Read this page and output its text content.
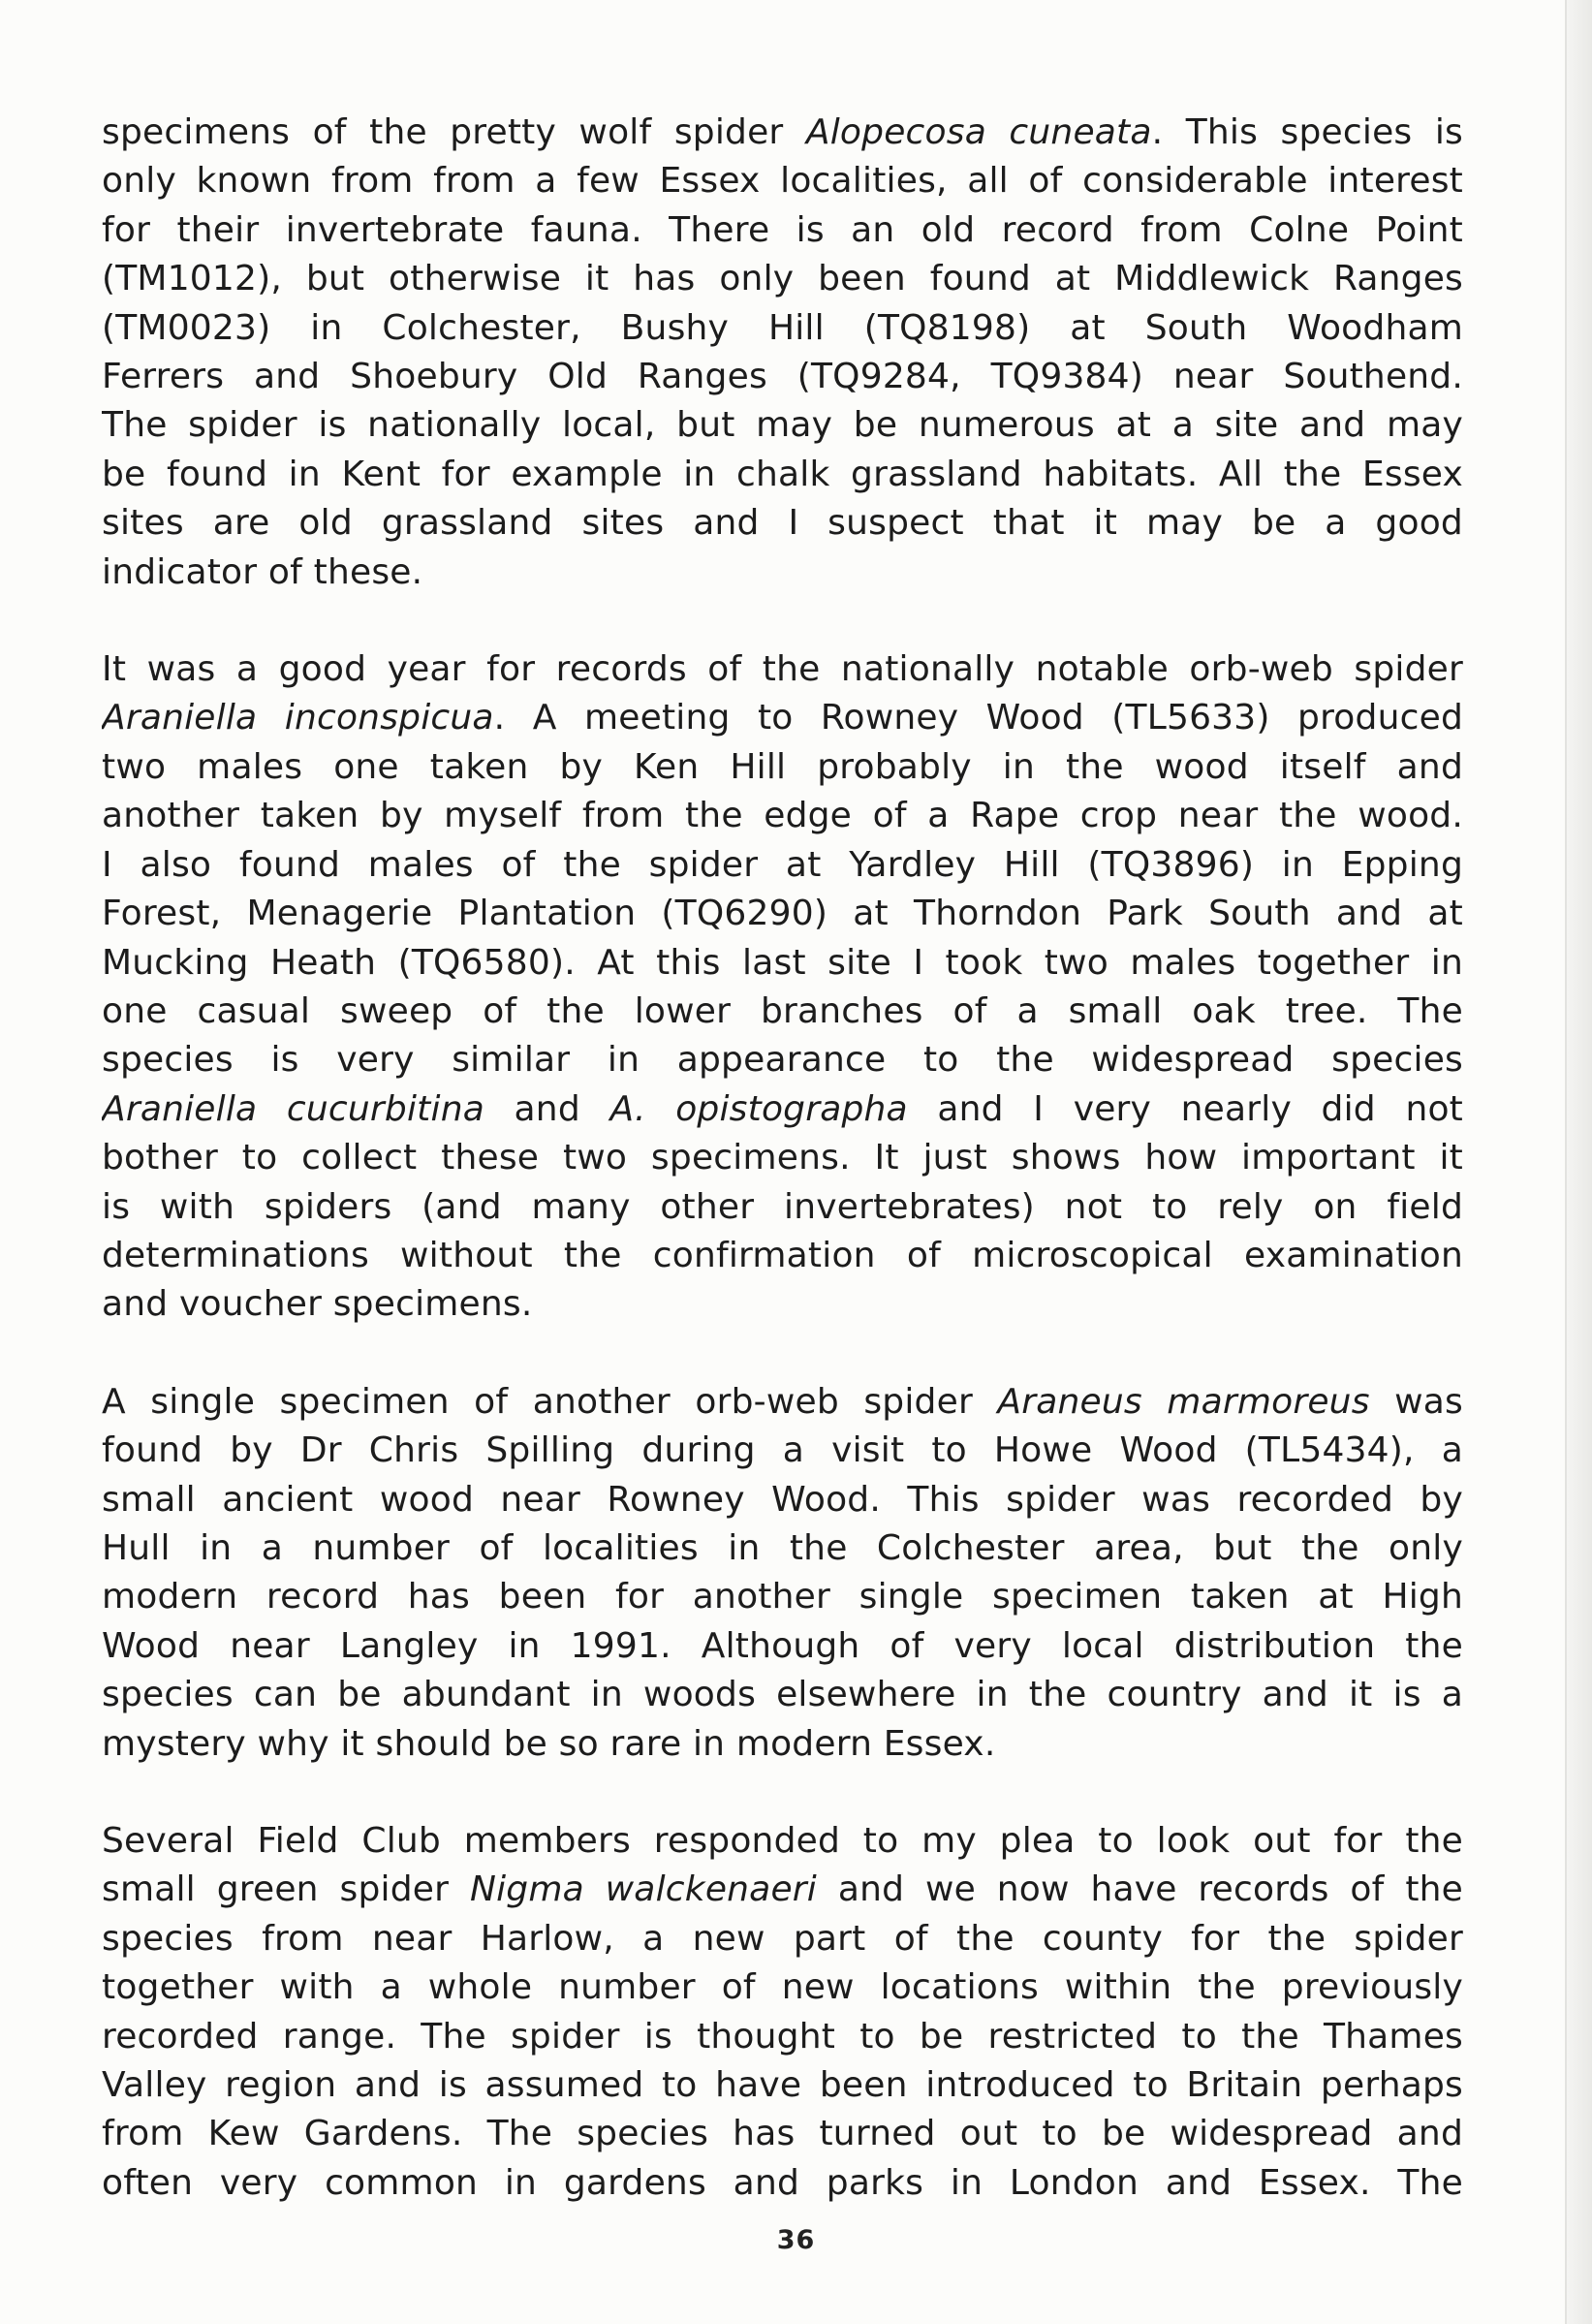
specimens of the pretty wolf spider Alopecosa cuneata. This species is
only known from from a few Essex localities, all of considerable interest
for their invertebrate fauna. There is an old record from Colne Point
(TM1012), but otherwise it has only been found at Middlewick Ranges
(TM0023) in Colchester, Bushy Hill (TQ8198) at South Woodham
Ferrers and Shoebury Old Ranges (TQ9284, TQ9384) near Southend.
The spider is nationally local, but may be numerous at a site and may
be found in Kent for example in chalk grassland habitats. All the Essex
sites are old grassland sites and I suspect that it may be a good
indicator of these.
It was a good year for records of the nationally notable orb-web spider
Araniella inconspicua. A meeting to Rowney Wood (TL5633) produced
two males one taken by Ken Hill probably in the wood itself and
another taken by myself from the edge of a Rape crop near the wood.
I also found males of the spider at Yardley Hill (TQ3896) in Epping
Forest, Menagerie Plantation (TQ6290) at Thorndon Park South and at
Mucking Heath (TQ6580). At this last site I took two males together in
one casual sweep of the lower branches of a small oak tree. The
species is very similar in appearance to the widespread species
Araniella cucurbitina and A. opistographa and I very nearly did not
bother to collect these two specimens. It just shows how important it
is with spiders (and many other invertebrates) not to rely on field
determinations without the confirmation of microscopical examination
and voucher specimens.
A single specimen of another orb-web spider Araneus marmoreus was
found by Dr Chris Spilling during a visit to Howe Wood (TL5434), a
small ancient wood near Rowney Wood. This spider was recorded by
Hull in a number of localities in the Colchester area, but the only
modern record has been for another single specimen taken at High
Wood near Langley in 1991. Although of very local distribution the
species can be abundant in woods elsewhere in the country and it is a
mystery why it should be so rare in modern Essex.
Several Field Club members responded to my plea to look out for the
small green spider Nigma walckenaeri and we now have records of the
species from near Harlow, a new part of the county for the spider
together with a whole number of new locations within the previously
recorded range. The spider is thought to be restricted to the Thames
Valley region and is assumed to have been introduced to Britain perhaps
from Kew Gardens. The species has turned out to be widespread and
often very common in gardens and parks in London and Essex. The
36
